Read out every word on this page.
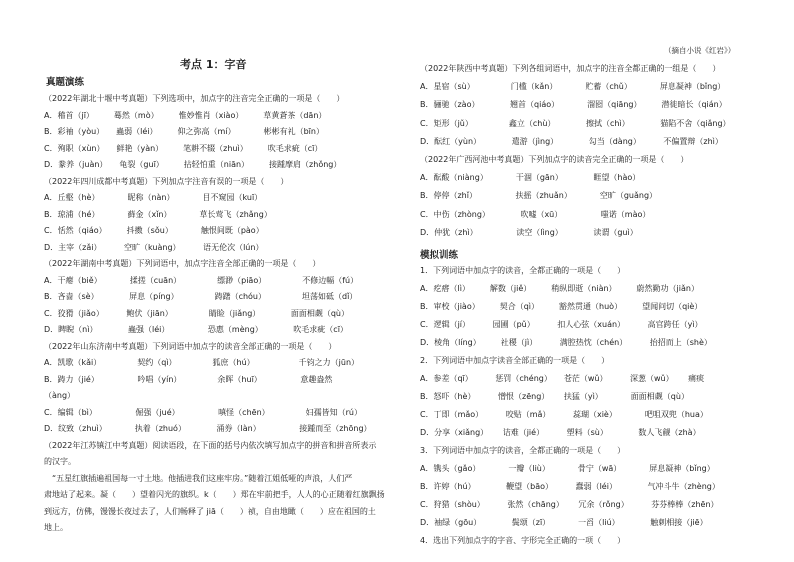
（摘自小说《红岩》）
考点 1：字音
真题演练
（2022年湖北十堰中考真题）下列选项中，加点字的注音完全正确的一项是（　　）
A．稽首（jī）　　　蓦然（mò）　　　惟妙惟肖（xiào）　　　草黄蒼茶（dān）
B．彩袖（yòu）　　蟲弱（léi）　　　仰之弥高（mí）　　　　彬彬有礼（bīn）
C．殉职（xùn）　　鲜艳（yàn）　　　笔耕不辍（zhuì）　　　吹毛求疵（cī）
D．豢养（juàn）　　龟裂（guī）　　　拈轻怕重（niān）　　　接踵摩肩（zhǒng）
（2022年四川成都中考真题）下列加点字注音有误的一项是（　　）
A．丘壑（hè）　　　　昵称（nàn）　　　　目不窥园（kuī）
B．琼浦（hé）　　　　藓金（xǐn）　　　　草长莺飞（zhǎng）
C．恬然（qiáo）　　　抖擞（sǒu）　　　　触恨间既（pào）
D．主宰（zǎi）　　　 空旷（kuàng）　　　 语无伦次（lún）
（2022年湖南中考真题）下列词语中，加点字注音全部正确的一项是（　　）
A．干瘪（biě）　　　　揉搓（cuān）　　　　　缥渺（piāo）　　　　　不修边幅（fú）
B．吝啬（sè）　　　　 屏息（píng）　　　　　踌躇（chóu）　　　　　坦荡如砥（dǐ）
C．狡猾（jiǎo）　　　 鲍伏（jiān）　　　　　睛睑（jiǎng）　　　　 面面相觑（qù）
D．睥睨（nì）　　　　 蟲强（léi）　　　　　 恐惠（mèng）　　　　 吹毛求疵（cī）
（2022年山东济南中考真题）下列词语中加点字的读音全部正确的一项是（　　）
A．凯歌（kǎi）　　　　　契约（qì）　　　　　狐庶（hú）　　　　　　千钧之力（jūn）
B．踌力（jié）　　　　　 吟唱（yín）　　　　　余晖（huī）　　　　　 意趣盎然
（àng）
C．编辑（bì）　　　　　 倔强（jué）　　　　　 嗔怪（chēn）　　　　　妇孺皆知（rú）
D．纹致（zhuì）　　　　执着（zhuó）　　　　 涌券（làn）　　　　　 接踵而至（zhōng）
（2022年江苏镇江中考真题）阅读语段，在下面的括号内依次填写加点字的拼音和拼音所表示
的汉字。
　“五星红旗插遍祖国每一寸土地。他插进我们这座牢房。”随着江姐低哑的声浪，人们严
肃地站了起来。凝（　　）望着闪光的旗织。k（　　）郑在牢前把手，人人的心正随着红旗飘扬
到远方，仿佛，馒馒长夜过去了，人们畅释了 jiā（　　）祯，自由地瞰（　　）应在祖国的土
地上。
（2022年陕西中考真题）下列各组词语中，加点字的注音全都正确的一组是（　　）
A．星宿（sù）　　　　　门槛（kǎn）　　　　贮蓄（chǔ）　　　　屏息凝神（bǐng）
B．骊驰（zào）　　　　 翘首（qiáo）　　　　溜囵（qiāng）　　　潜徙暗长（qián）
C．矩形（jǔ）　　　　　鑫立（chù）　　　　 擦拭（chì）　　　　 猫陷不舍（qiǎng）
D．酝红（yùn）　　　　 遣游（jìng）　　　　 勾当（dàng）　　　 不偏置辩（zhì）
（2022年广西河池中考真题）下列加点字的读音完全正确的一项是（　　）
A．酝酸（niàng）　　　　干涸（gān）　　　　 睚望（hào）
B．停停（zhǐ）　　　　　 扶摇（zhuǎn）　　　　空旷（guǎng）
C．中伤（zhòng）　　　　 吹嘘（xū）　　　　　 嗤诺（mào）
D．仲犹（zhì）　　　　　 读空（lìng）　　　　 读谓（guì）
模拟训练
1．下列词语中加点字的读音，全都正确的一项是（　　）
A．疙瘩（lì）　　　解数（jiě）　　　稍纵即逝（niàn）　　　蔚然勤功（jiǎn）
B．审校（jiào）　　　契合（qì）　　　豁然贯通（huò）　　　望闻问切（qiè）
C．逻辑（jí）　　　 园圃（pǔ）　　　 扣人心弦（xuán）　　　 高官跨任（yì）
D．棱角（líng）　　　社稷（jì）　　　 满腔热忱（chén）　　　 抬招而上（shè）
2．下列词语中加点字读音全部正确的一项是（　　）
A．参差（qī）　　　 惩罚（chéng）　　苍茫（wǔ）　　　 深葱（wǔ）　　 痛痰
B．怒吓（hè）　　　 憎恨（zēng）　　 扶猛（yì）　　　　面面相觑（qù）
C．丁即（mǎo）　　　 咬贴（mǎ）　　　 蕊瑚（xiè）　　　　吧咀双兜（hua）
D．分享（xiǎng）　　 诘难（jié）　　　 塑料（sù）　　　　 数人飞觎（zhà）
3．下列词语中加点字的读音，全都正确的一项是（　　）
A．镌头（gǎo）　　　　一瓣（liù）　　　　骨宁（wā）　　　　屏息凝神（bǐng）
B．许婷（hú）　　　　 鞭望（bāo）　　　 蠢弱（léi）　　　　 气冲斗牛（zhèng）
C．狩猎（shòu）　　　 张然（chāng）　　 冗余（rǒng）　　　 芬芬棒棒（zhēn）
D．袖绿（gōu）　　　　 鬓颂（zī）　　　　一舀（liú）　　　　 触刺相接（jiē）
4．选出下列加点字的字音、字形完全正确的一项（　　）
